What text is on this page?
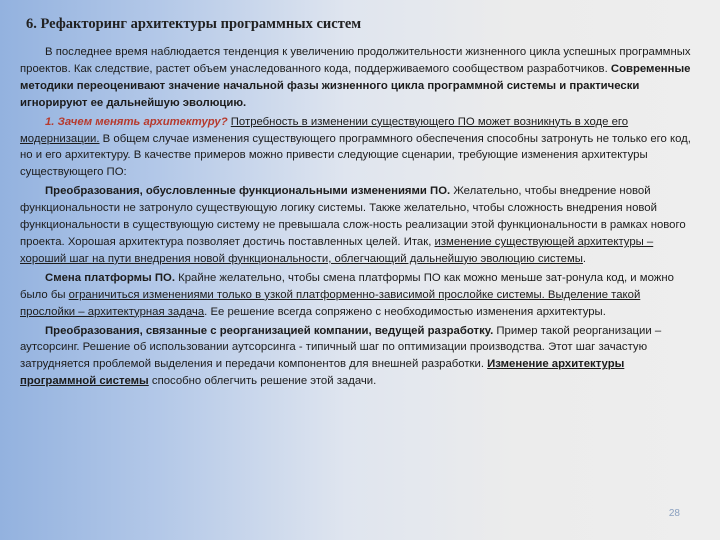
6. Рефакторинг архитектуры программных систем

В последнее время наблюдается тенденция к увеличению продолжительности жизненного цикла успешных программных проектов. Как следствие, растет объем унаследованного кода, поддерживаемого сообществом разработчиков. Современные методики переоценивают значение начальной фазы жизненного цикла программной системы и практически игнорируют ее дальнейшую эволюцию.

1. Зачем менять архитектуру? Потребность в изменении существующего ПО может возникнуть в ходе его модернизации. В общем случае изменения существующего программного обеспечения способны затронуть не только его код, но и его архитектуру. В качестве примеров можно привести следующие сценарии, требующие изменения архитектуры существующего ПО:

Преобразования, обусловленные функциональными изменениями ПО. Желательно, чтобы внедрение новой функциональности не затронуло существующую логику системы. Также желательно, чтобы сложность внедрения новой функциональности в существующую систему не превышала слож-ность реализации этой функциональности в рамках нового проекта. Хорошая архитектура позволяет достичь поставленных целей. Итак, изменение существующей архитектуры – хороший шаг на пути внедрения новой функциональности, облегчающий дальнейшую эволюцию системы.

Смена платформы ПО. Крайне желательно, чтобы смена платформы ПО как можно меньше зат-ронула код, и можно было бы ограничиться изменениями только в узкой платформенно-зависимой прослойке системы. Выделение такой прослойки – архитектурная задача. Ее решение всегда сопряжено с необходимостью изменения архитектуры.

Преобразования, связанные с реорганизацией компании, ведущей разработку. Пример такой реорганизации – аутсорсинг. Решение об использовании аутсорсинга - типичный шаг по оптимизации производства. Этот шаг зачастую затрудняется проблемой выделения и передачи компонентов для внешней разработки. Изменение архитектуры программной системы способно облегчить решение этой задачи.

28
